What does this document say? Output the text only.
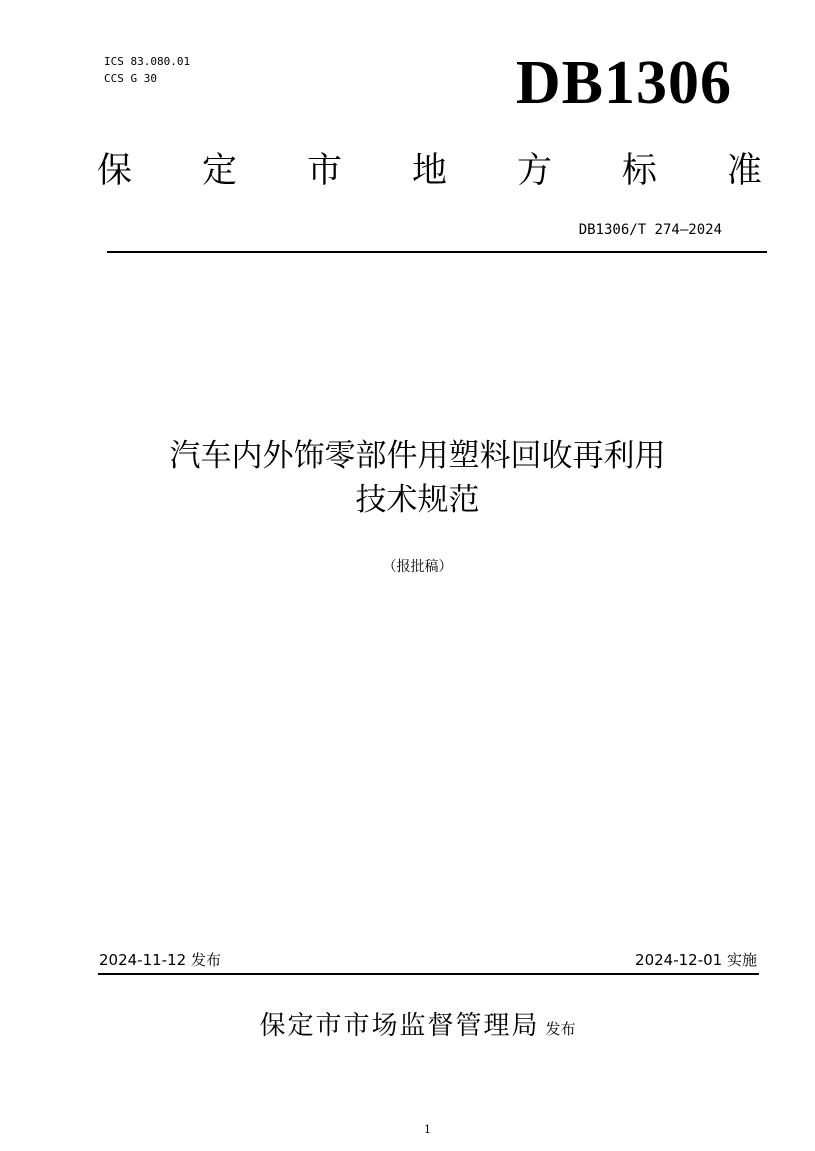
ICS 83.080.01
CCS G 30	DB1306
保 定 市 地 方 标 准
DB1306/T 274—2024
汽车内外饰零部件用塑料回收再利用
技术规范
（报批稿）
2024-11-12 发布	2024-12-01 实施
保定市市场监督管理局 发布
1
